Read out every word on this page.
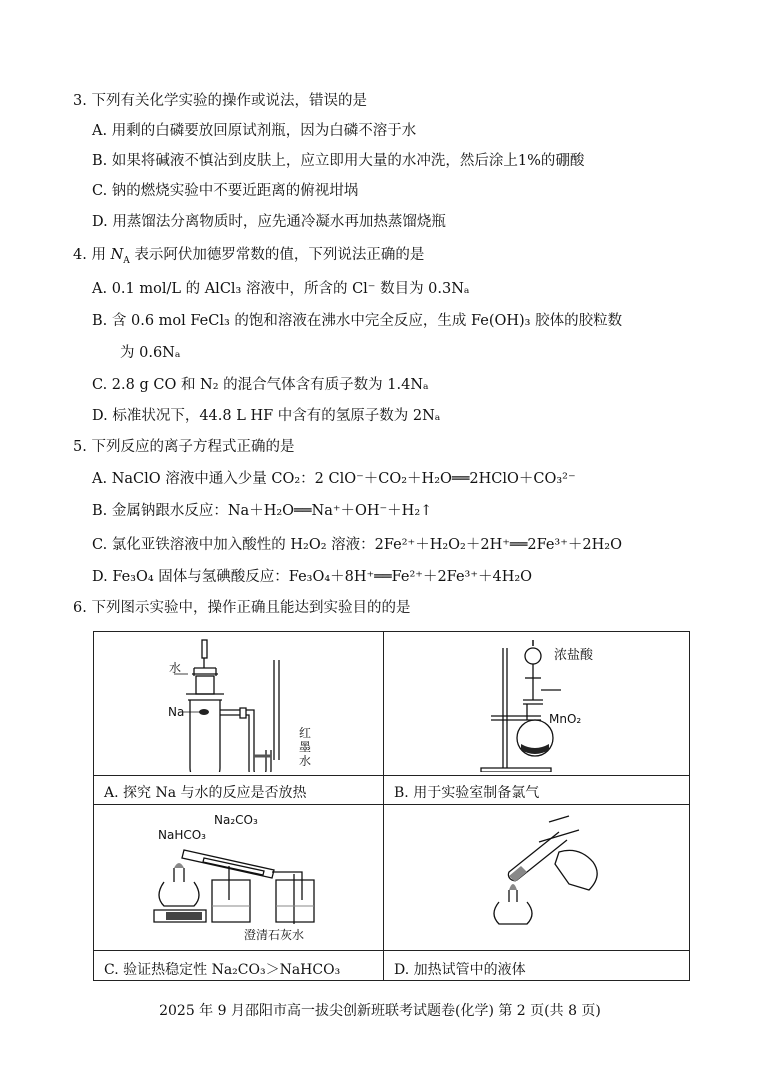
3. 下列有关化学实验的操作或说法，错误的是
A. 用剩的白磷要放回原试剂瓶，因为白磷不溶于水
B. 如果将碱液不慎沾到皮肤上，应立即用大量的水冲洗，然后涂上1%的硼酸
C. 钠的燃烧实验中不要近距离的俯视坩埚
D. 用蒸馏法分离物质时，应先通冷凝水再加热蒸馏烧瓶
4. 用 $N_A$ 表示阿伏加德罗常数的值，下列说法正确的是
A. 0.1 mol/L 的 AlCl₃ 溶液中，所含的 Cl⁻ 数目为 0.3Nₐ
B. 含 0.6 mol FeCl₃ 的饱和溶液在沸水中完全反应，生成 Fe(OH)₃ 胶体的胶粒数
为 0.6Nₐ
C. 2.8 g CO 和 N₂ 的混合气体含有质子数为 1.4Nₐ
D. 标准状况下，44.8 L HF 中含有的氢原子数为 2Nₐ
5. 下列反应的离子方程式正确的是
A. NaClO 溶液中通入少量 CO₂：2 ClO⁻＋CO₂＋H₂O══2HClO＋CO₃²⁻
B. 金属钠跟水反应：Na＋H₂O══Na⁺＋OH⁻＋H₂↑
C. 氯化亚铁溶液中加入酸性的 H₂O₂ 溶液：2Fe²⁺＋H₂O₂＋2H⁺══2Fe³⁺＋2H₂O
D. Fe₃O₄ 固体与氢碘酸反应：Fe₃O₄＋8H⁺══Fe²⁺＋2Fe³⁺＋4H₂O
6. 下列图示实验中，操作正确且能达到实验目的的是
水
Na
红
墨
水
A. 探究 Na 与水的反应是否放热
浓盐酸
MnO₂
B. 用于实验室制备氯气
Na₂CO₃
NaHCO₃
澄清石灰水
C. 验证热稳定性 Na₂CO₃＞NaHCO₃	D. 加热试管中的液体
2025 年 9 月邵阳市高一拔尖创新班联考试题卷(化学) 第 2 页(共 8 页)
